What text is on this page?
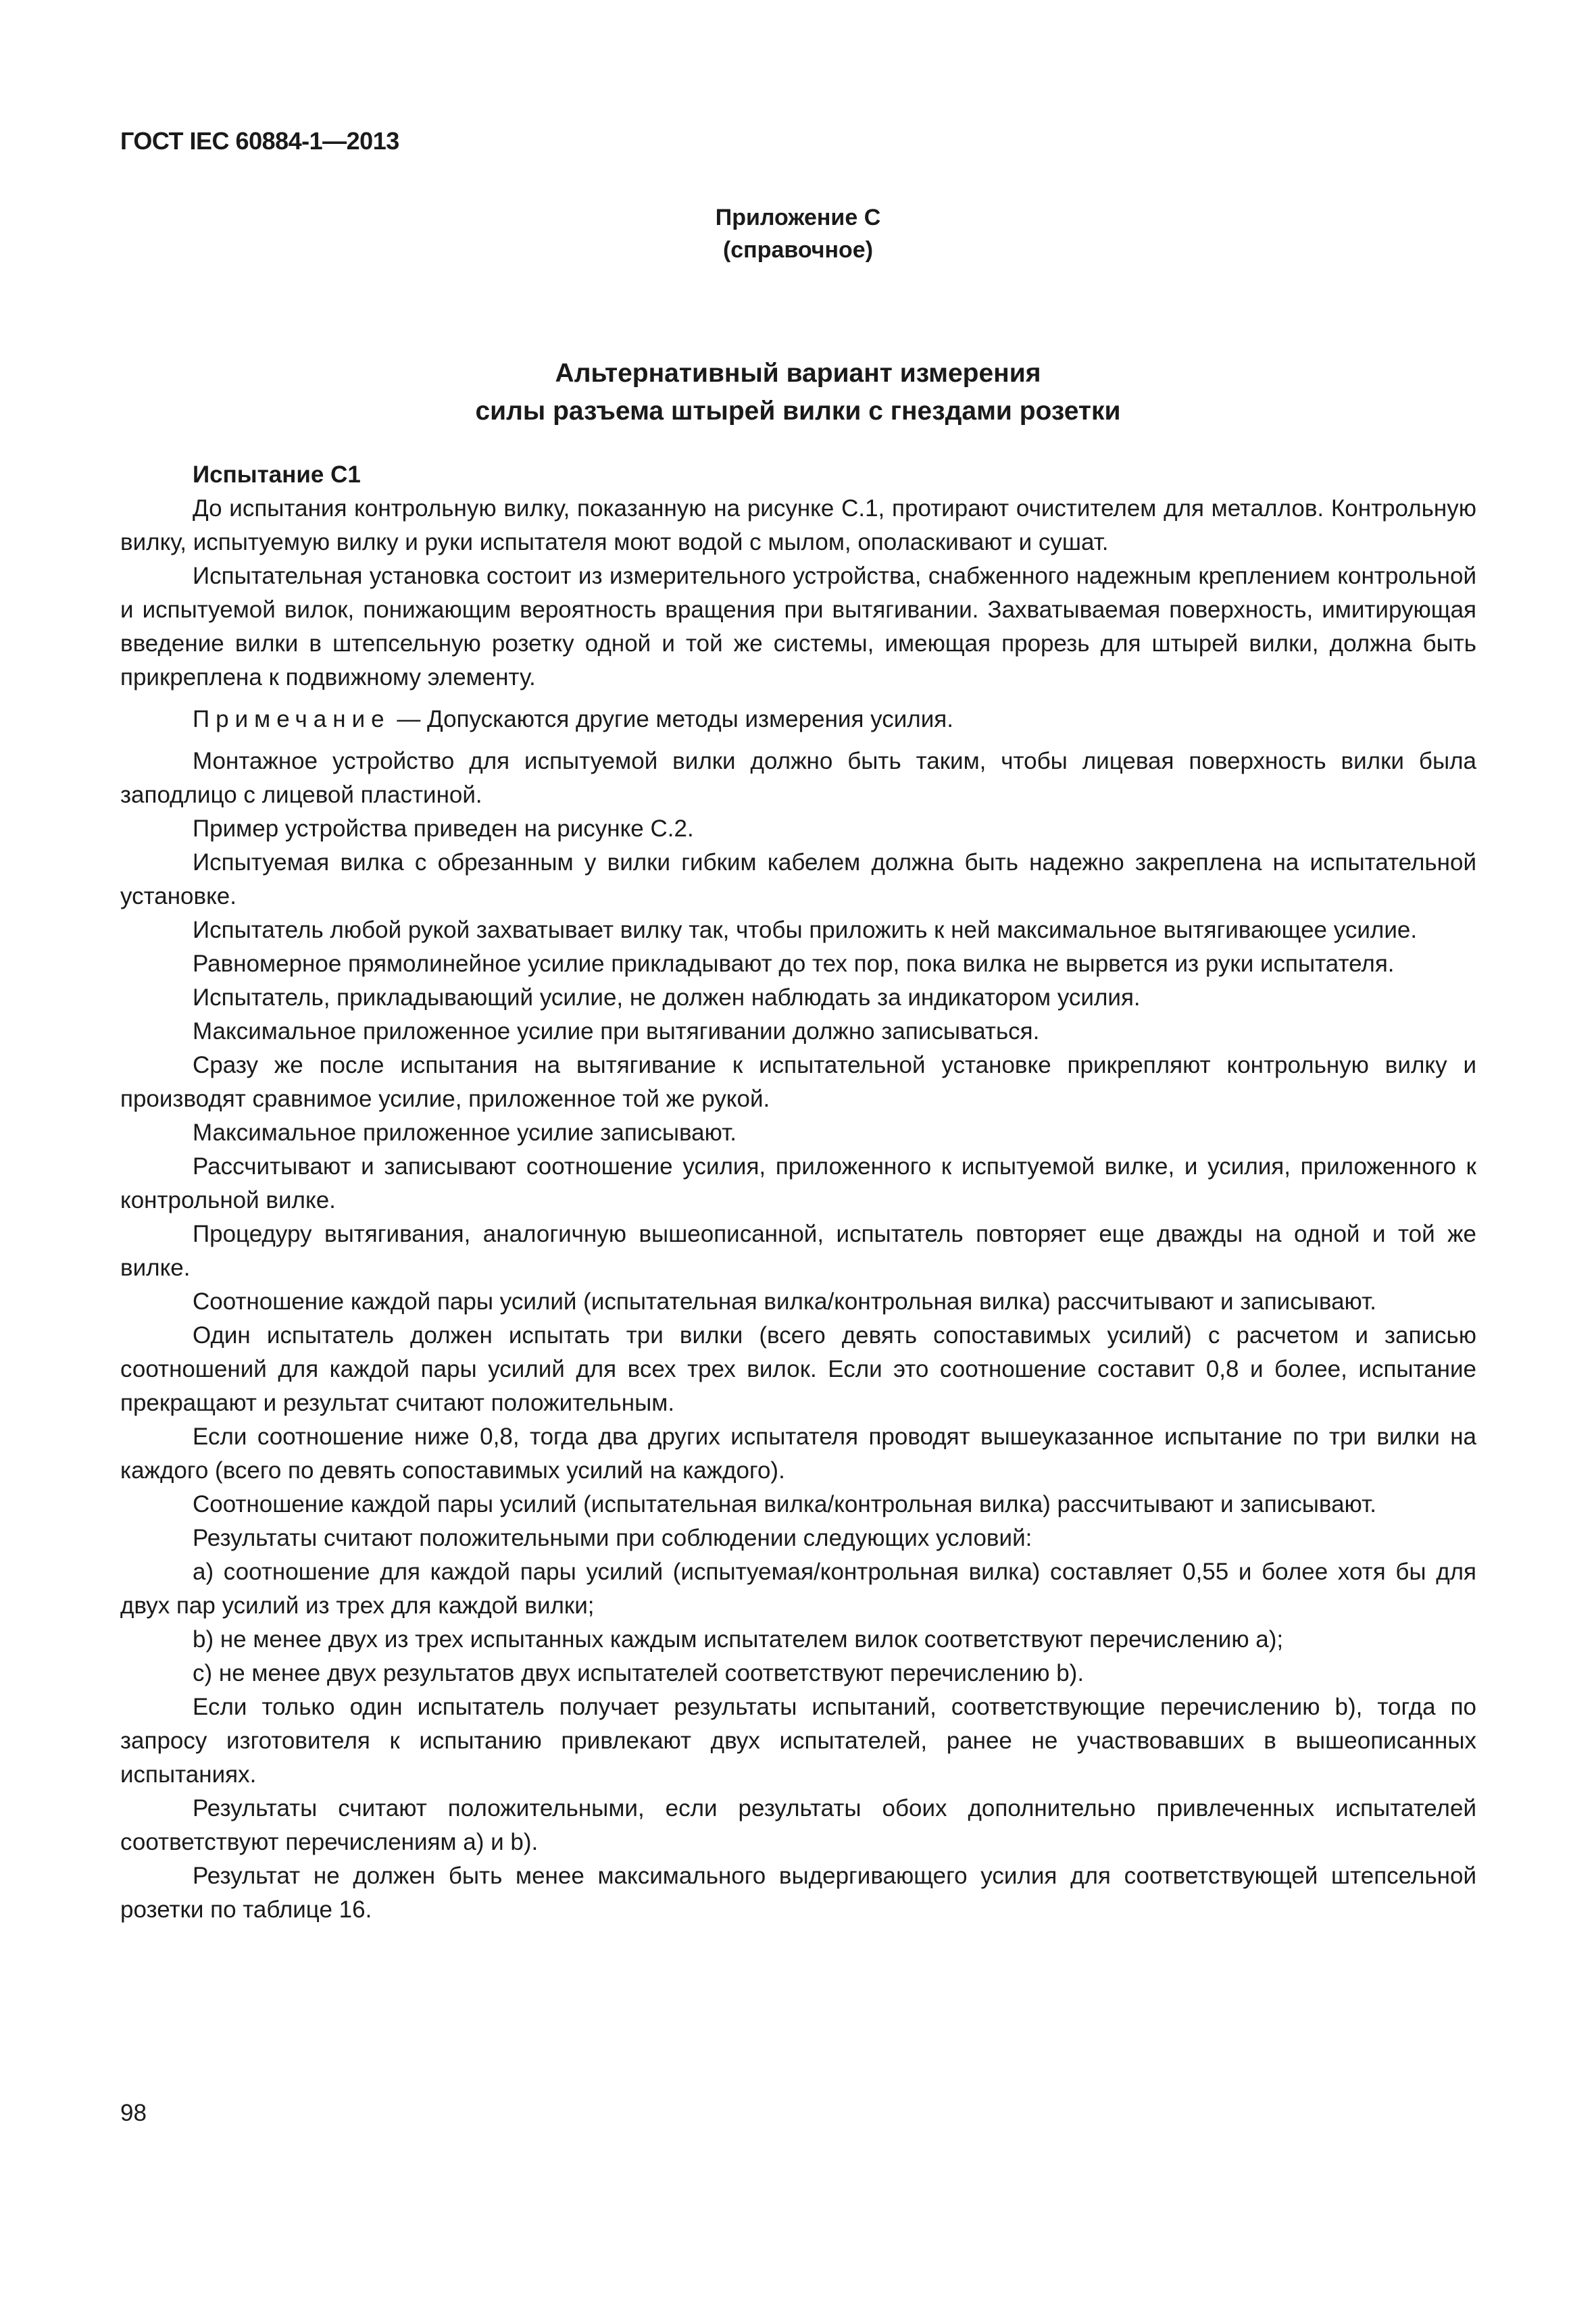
ГОСТ IEC 60884-1—2013
Приложение С
(справочное)
Альтернативный вариант измерения
силы разъема штырей вилки с гнездами розетки

Испытание С1

До испытания контрольную вилку, показанную на рисунке С.1, протирают очистителем для металлов. Контрольную вилку, испытуемую вилку и руки испытателя моют водой с мылом, ополаскивают и сушат.

Испытательная установка состоит из измерительного устройства, снабженного надежным креплением контрольной и испытуемой вилок, понижающим вероятность вращения при вытягивании. Захватываемая поверхность, имитирующая введение вилки в штепсельную розетку одной и той же системы, имеющая прорезь для штырей вилки, должна быть прикреплена к подвижному элементу.

Примечание — Допускаются другие методы измерения усилия.

Монтажное устройство для испытуемой вилки должно быть таким, чтобы лицевая поверхность вилки была заподлицо с лицевой пластиной.

Пример устройства приведен на рисунке С.2.

Испытуемая вилка с обрезанным у вилки гибким кабелем должна быть надежно закреплена на испытательной установке.

Испытатель любой рукой захватывает вилку так, чтобы приложить к ней максимальное вытягивающее усилие.

Равномерное прямолинейное усилие прикладывают до тех пор, пока вилка не вырвется из руки испытателя.

Испытатель, прикладывающий усилие, не должен наблюдать за индикатором усилия.

Максимальное приложенное усилие при вытягивании должно записываться.

Сразу же после испытания на вытягивание к испытательной установке прикрепляют контрольную вилку и производят сравнимое усилие, приложенное той же рукой.

Максимальное приложенное усилие записывают.

Рассчитывают и записывают соотношение усилия, приложенного к испытуемой вилке, и усилия, приложенного к контрольной вилке.

Процедуру вытягивания, аналогичную вышеописанной, испытатель повторяет еще дважды на одной и той же вилке.

Соотношение каждой пары усилий (испытательная вилка/контрольная вилка) рассчитывают и записывают.

Один испытатель должен испытать три вилки (всего девять сопоставимых усилий) с расчетом и записью соотношений для каждой пары усилий для всех трех вилок. Если это соотношение составит 0,8 и более, испытание прекращают и результат считают положительным.

Если соотношение ниже 0,8, тогда два других испытателя проводят вышеуказанное испытание по три вилки на каждого (всего по девять сопоставимых усилий на каждого).

Соотношение каждой пары усилий (испытательная вилка/контрольная вилка) рассчитывают и записывают.

Результаты считают положительными при соблюдении следующих условий:

a) соотношение для каждой пары усилий (испытуемая/контрольная вилка) составляет 0,55 и более хотя бы для двух пар усилий из трех для каждой вилки;

b) не менее двух из трех испытанных каждым испытателем вилок соответствуют перечислению а);

c) не менее двух результатов двух испытателей соответствуют перечислению b).

Если только один испытатель получает результаты испытаний, соответствующие перечислению b), тогда по запросу изготовителя к испытанию привлекают двух испытателей, ранее не участвовавших в вышеописанных испытаниях.

Результаты считают положительными, если результаты обоих дополнительно привлеченных испытателей соответствуют перечислениям а) и b).

Результат не должен быть менее максимального выдергивающего усилия для соответствующей штепсельной розетки по таблице 16.

98
